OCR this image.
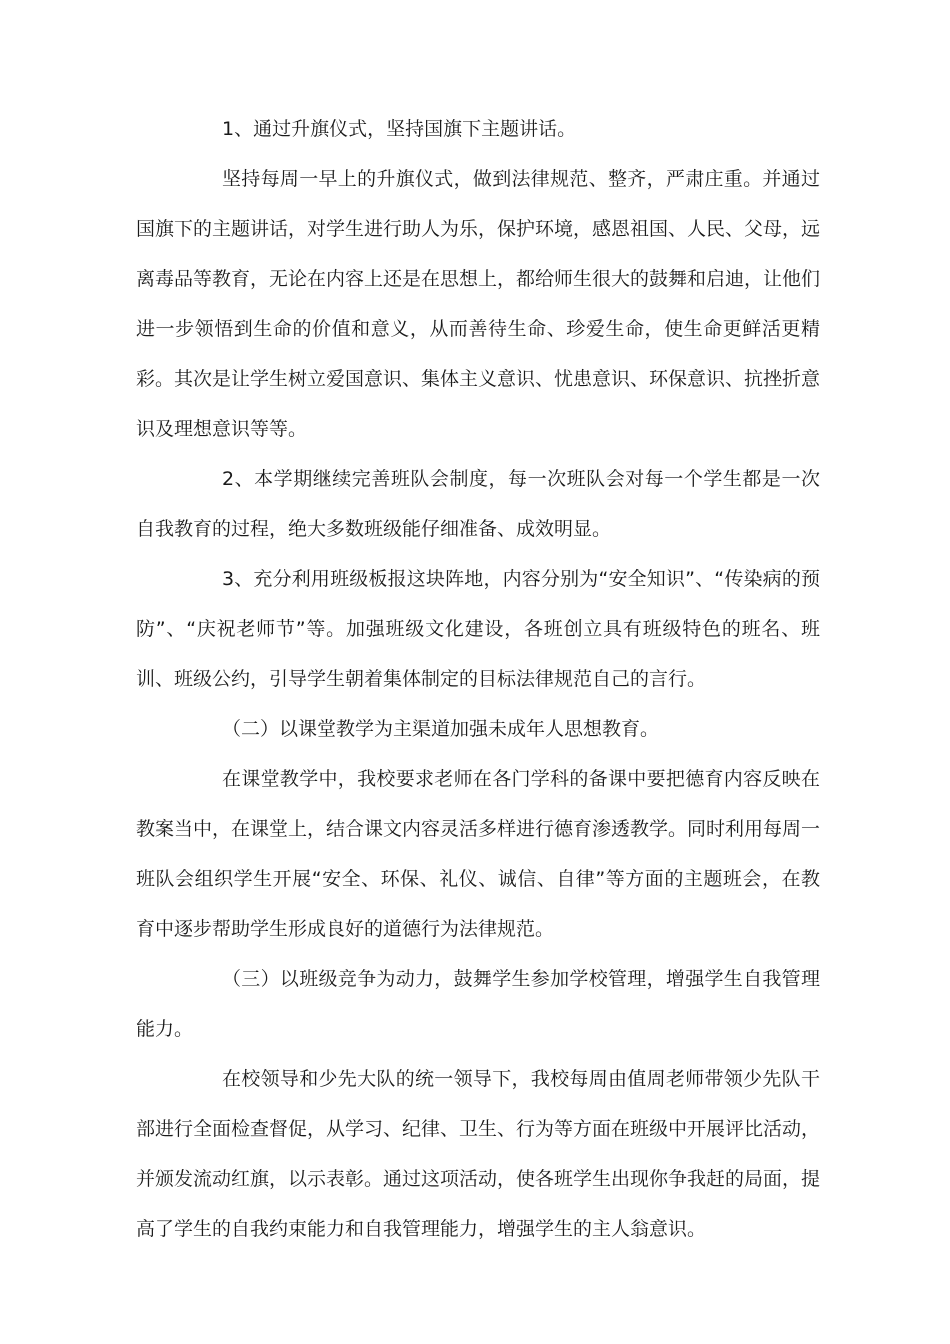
1、通过升旗仪式，坚持国旗下主题讲话。

坚持每周一早上的升旗仪式，做到法律规范、整齐，严肃庄重。并通过国旗下的主题讲话，对学生进行助人为乐，保护环境，感恩祖国、人民、父母，远离毒品等教育，无论在内容上还是在思想上，都给师生很大的鼓舞和启迪，让他们进一步领悟到生命的价值和意义，从而善待生命、珍爱生命，使生命更鲜活更精彩。其次是让学生树立爱国意识、集体主义意识、忧患意识、环保意识、抗挫折意识及理想意识等等。

2、本学期继续完善班队会制度，每一次班队会对每一个学生都是一次自我教育的过程，绝大多数班级能仔细准备、成效明显。

3、充分利用班级板报这块阵地，内容分别为“安全知识”、“传染病的预防”、“庆祝老师节”等。加强班级文化建设，各班创立具有班级特色的班名、班训、班级公约，引导学生朝着集体制定的目标法律规范自己的言行。

（二）以课堂教学为主渠道加强未成年人思想教育。

在课堂教学中，我校要求老师在各门学科的备课中要把德育内容反映在教案当中，在课堂上，结合课文内容灵活多样进行德育渗透教学。同时利用每周一班队会组织学生开展“安全、环保、礼仪、诚信、自律”等方面的主题班会，在教育中逐步帮助学生形成良好的道德行为法律规范。

（三）以班级竞争为动力，鼓舞学生参加学校管理，增强学生自我管理能力。

在校领导和少先大队的统一领导下，我校每周由值周老师带领少先队干部进行全面检查督促，从学习、纪律、卫生、行为等方面在班级中开展评比活动，并颁发流动红旗，以示表彰。通过这项活动，使各班学生出现你争我赶的局面，提高了学生的自我约束能力和自我管理能力，增强学生的主人翁意识。
